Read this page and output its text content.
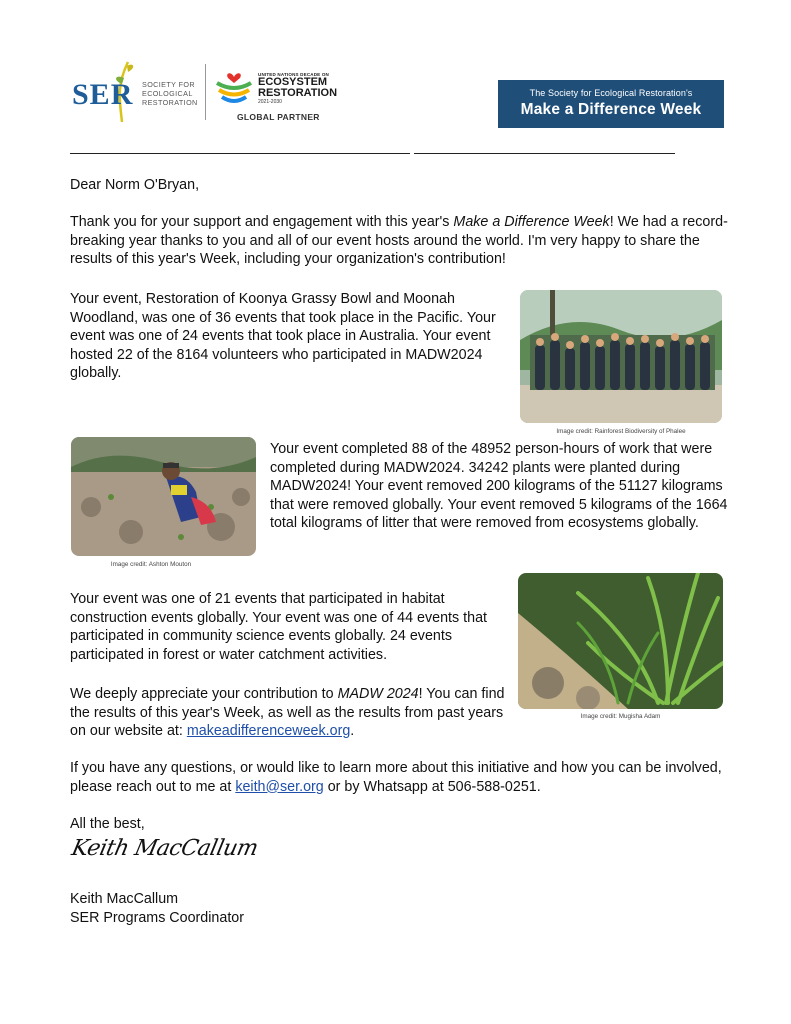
SER SOCIETY FOR
ECOLOGICAL
RESTORATION
UNITED NATIONS DECADE ON
ECOSYSTEM
RESTORATION
2021-2030
GLOBAL PARTNER
The Society for Ecological Restoration's
Make a Difference Week
Dear Norm O'Bryan,
Thank you for your support and engagement with this year's Make a Difference Week! We had a record-breaking year thanks to you and all of our event hosts around the world. I'm very happy to share the results of this year's Week, including your organization's contribution!
Your event, Restoration of Koonya Grassy Bowl and Moonah Woodland, was one of 36 events that took place in the Pacific. Your event was one of 24 events that took place in Australia. Your event hosted 22 of the 8164 volunteers who participated in MADW2024 globally.
Image credit: Rainforest Biodiversity of Phalee
Image credit: Ashton Mouton
Your event completed 88 of the 48952 person-hours of work that were completed during MADW2024. 34242 plants were planted during MADW2024! Your event removed 200 kilograms of the 51127 kilograms that were removed globally. Your event removed 5 kilograms of the 1664 total kilograms of litter that were removed from ecosystems globally.
Your event was one of 21 events that participated in habitat construction events globally. Your event was one of 44 events that participated in community science events globally. 24 events participated in forest or water catchment activities.
Image credit: Mugisha Adam
We deeply appreciate your contribution to MADW 2024! You can find the results of this year's Week, as well as the results from past years on our website at: makeadifferenceweek.org.
If you have any questions, or would like to learn more about this initiative and how you can be involved, please reach out to me at keith@ser.org or by Whatsapp at 506-588-0251.
All the best,
Keith MacCallum
Keith MacCallum
SER Programs Coordinator
